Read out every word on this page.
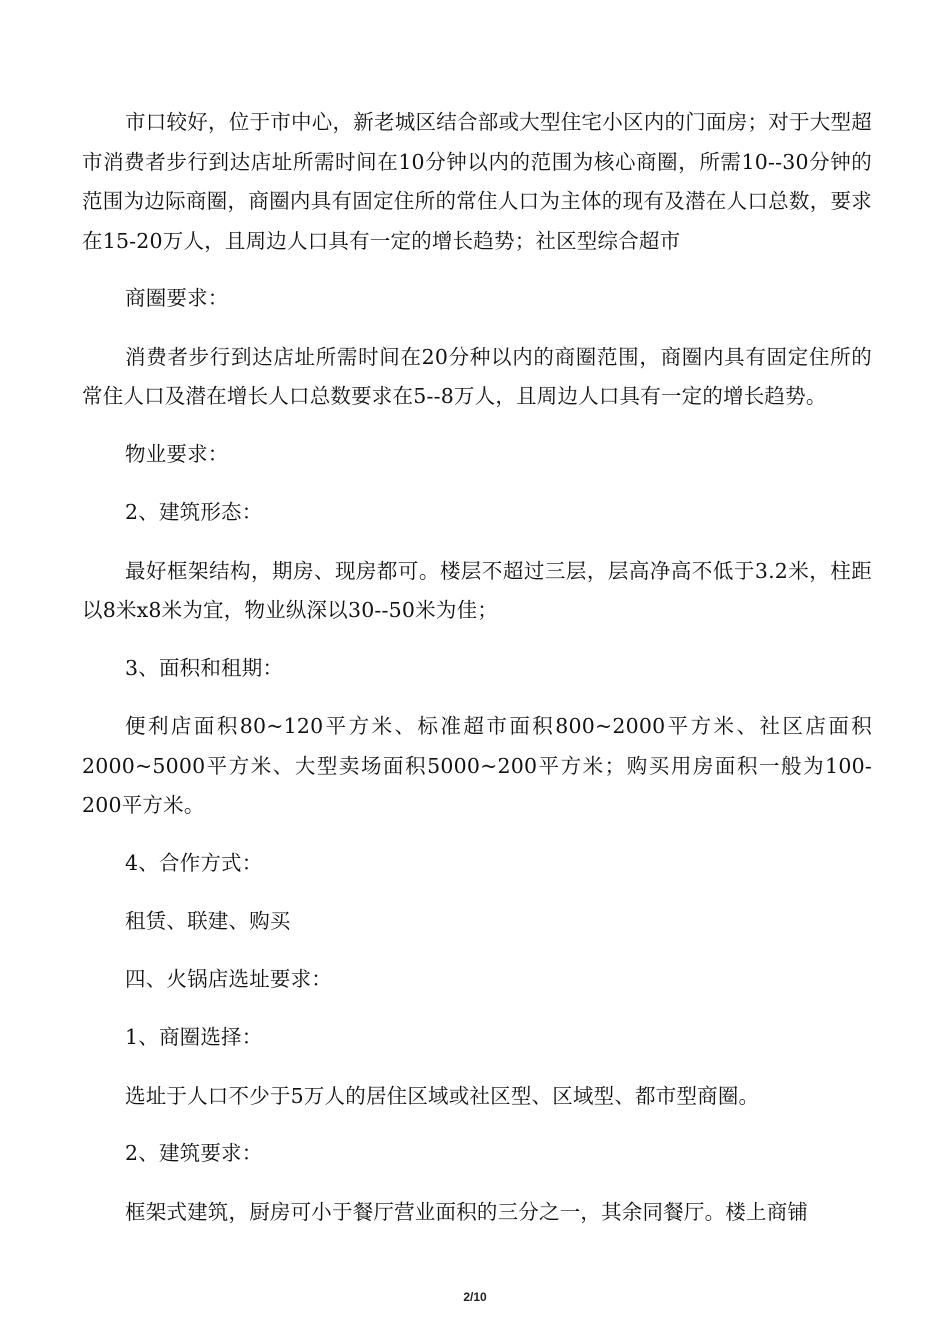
市口较好，位于市中心，新老城区结合部或大型住宅小区内的门面房；对于大型超市消费者步行到达店址所需时间在10分钟以内的范围为核心商圈，所需10--30分钟的范围为边际商圈，商圈内具有固定住所的常住人口为主体的现有及潜在人口总数，要求在15-20万人，且周边人口具有一定的增长趋势；社区型综合超市

商圈要求：

消费者步行到达店址所需时间在20分种以内的商圈范围，商圈内具有固定住所的常住人口及潜在增长人口总数要求在5--8万人，且周边人口具有一定的增长趋势。

物业要求：

2、建筑形态：

最好框架结构，期房、现房都可。楼层不超过三层，层高净高不低于3.2米，柱距以8米x8米为宜，物业纵深以30--50米为佳；

3、面积和租期：

便利店面积80~120平方米、标准超市面积800~2000平方米、社区店面积2000~5000平方米、大型卖场面积5000~200平方米；购买用房面积一般为100-200平方米。

4、合作方式：

租赁、联建、购买

四、火锅店选址要求：

1、商圈选择：

选址于人口不少于5万人的居住区域或社区型、区域型、都市型商圈。

2、建筑要求：

框架式建筑，厨房可小于餐厅营业面积的三分之一，其余同餐厅。楼上商铺

2/10
